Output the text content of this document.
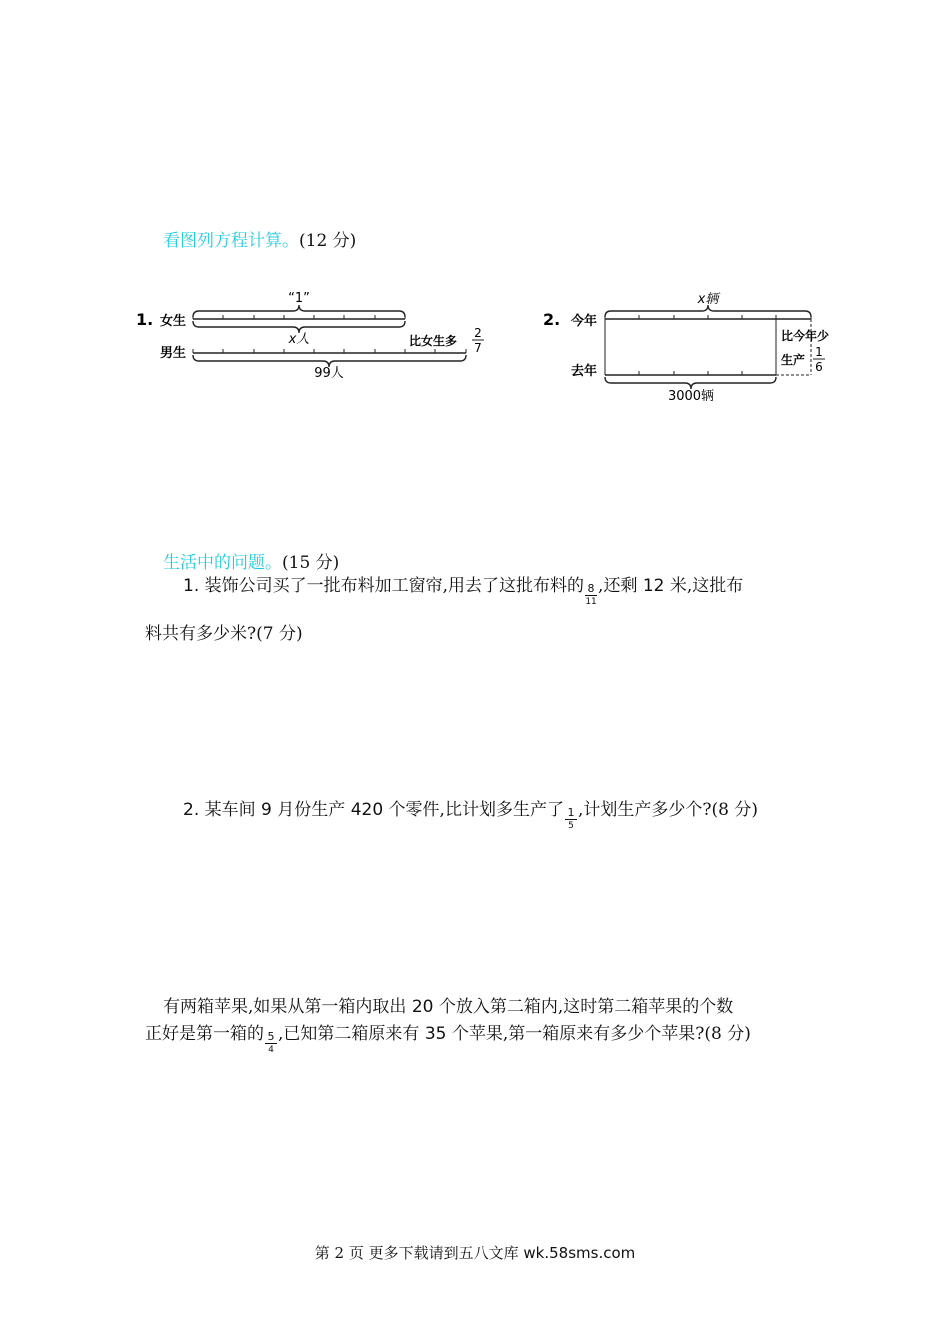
看图列方程计算。(12 分)
1. 女生
男生
“1”
x人
99人
比女生多
2
7
2. 今年
去年
x辆
3000辆
比今年少
生产
1
6
生活中的问题。(15 分)
1. 装饰公司买了一批布料加工窗帘,用去了这批布料的 $\frac{8}{11}$ ,还剩 12 米,这批布
料共有多少米?(7 分)
2. 某车间 9 月份生产 420 个零件,比计划多生产了 $\frac{1}{5}$ ,计划生产多少个?(8 分)
有两箱苹果,如果从第一箱内取出 20 个放入第二箱内,这时第二箱苹果的个数
正好是第一箱的 $\frac{5}{4}$ ,已知第二箱原来有 35 个苹果,第一箱原来有多少个苹果?(8 分)
第 2 页 更多下载请到五八文库 wk.58sms.com
